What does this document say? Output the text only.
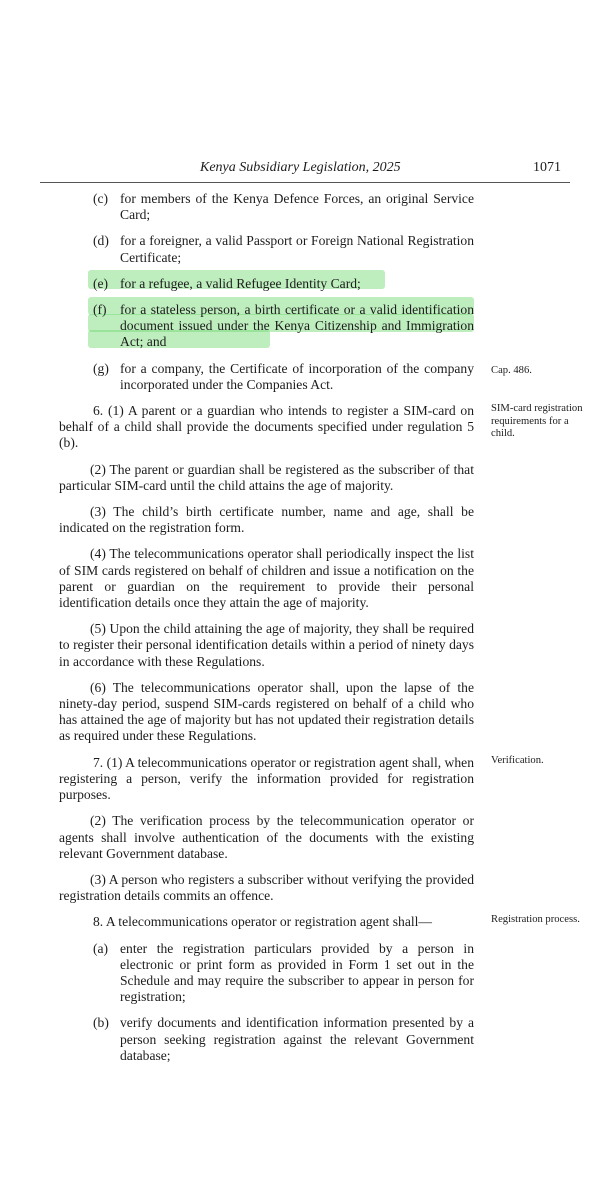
Kenya Subsidiary Legislation, 2025	1071
(c) for members of the Kenya Defence Forces, an original Service Card;
(d) for a foreigner, a valid Passport or Foreign National Registration Certificate;
(e) for a refugee, a valid Refugee Identity Card;
(f) for a stateless person, a birth certificate or a valid identification document issued under the Kenya Citizenship and Immigration Act; and
(g) for a company, the Certificate of incorporation of the company incorporated under the Companies Act.
Cap. 486.
6. (1) A parent or a guardian who intends to register a SIM-card on behalf of a child shall provide the documents specified under regulation 5 (b).
SIM-card registration requirements for a child.
(2) The parent or guardian shall be registered as the subscriber of that particular SIM-card until the child attains the age of majority.
(3) The child’s birth certificate number, name and age, shall be indicated on the registration form.
(4) The telecommunications operator shall periodically inspect the list of SIM cards registered on behalf of children and issue a notification on the parent or guardian on the requirement to provide their personal identification details once they attain the age of majority.
(5) Upon the child attaining the age of majority, they shall be required to register their personal identification details within a period of ninety days in accordance with these Regulations.
(6) The telecommunications operator shall, upon the lapse of the ninety-day period, suspend SIM-cards registered on behalf of a child who has attained the age of majority but has not updated their registration details as required under these Regulations.
7. (1) A telecommunications operator or registration agent shall, when registering a person, verify the information provided for registration purposes.
Verification.
(2) The verification process by the telecommunication operator or agents shall involve authentication of the documents with the existing relevant Government database.
(3) A person who registers a subscriber without verifying the provided registration details commits an offence.
8. A telecommunications operator or registration agent shall—	Registration process.
(a) enter the registration particulars provided by a person in electronic or print form as provided in Form 1 set out in the Schedule and may require the subscriber to appear in person for registration;
(b) verify documents and identification information presented by a person seeking registration against the relevant Government database;
